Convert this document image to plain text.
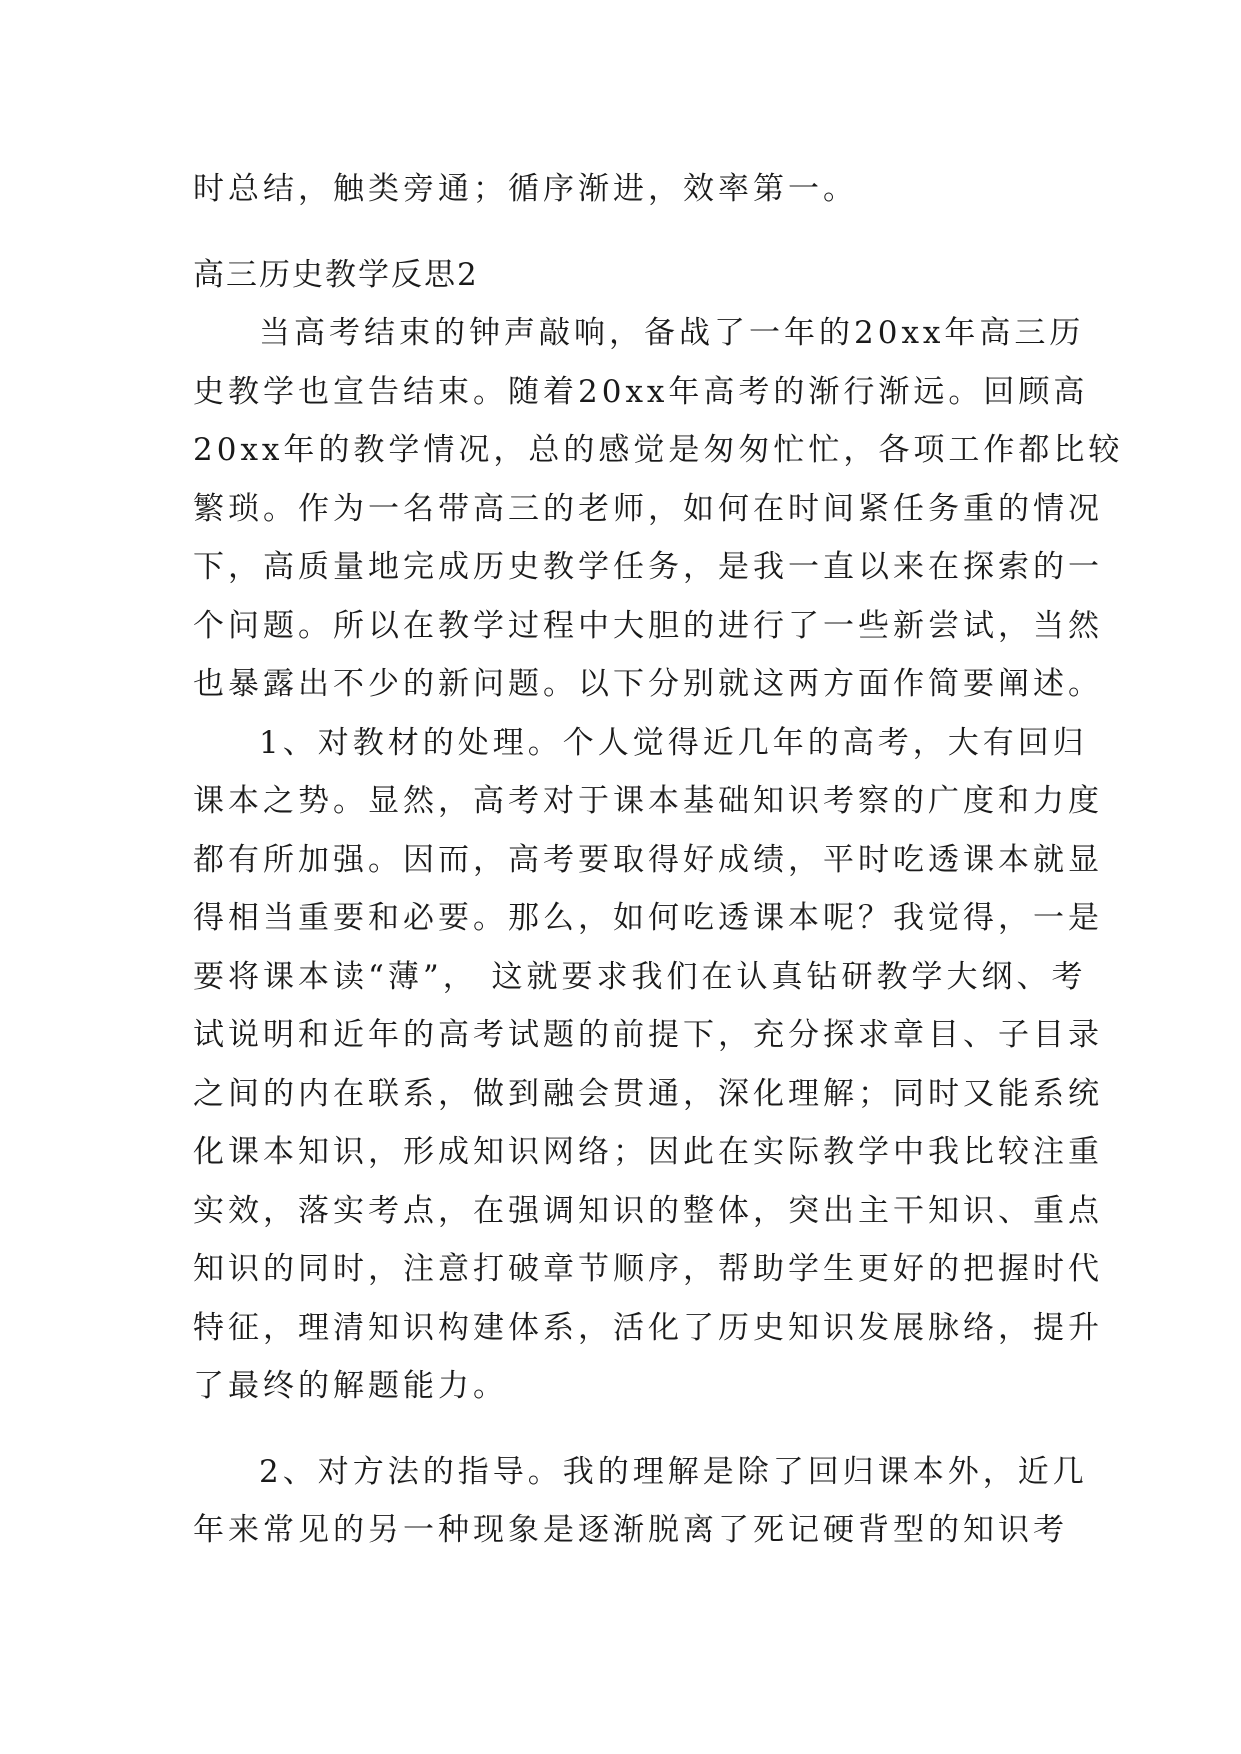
时总结，触类旁通；循序渐进，效率第一。
高三历史教学反思2
当高考结束的钟声敲响，备战了一年的20xx年高三历
史教学也宣告结束。随着20xx年高考的渐行渐远。回顾高
20xx年的教学情况，总的感觉是匆匆忙忙，各项工作都比较
繁琐。作为一名带高三的老师，如何在时间紧任务重的情况
下，高质量地完成历史教学任务，是我一直以来在探索的一
个问题。所以在教学过程中大胆的进行了一些新尝试，当然
也暴露出不少的新问题。以下分别就这两方面作简要阐述。
1、对教材的处理。个人觉得近几年的高考，大有回归
课本之势。显然，高考对于课本基础知识考察的广度和力度
都有所加强。因而，高考要取得好成绩，平时吃透课本就显
得相当重要和必要。那么，如何吃透课本呢？我觉得，一是
要将课本读“薄”， 这就要求我们在认真钻研教学大纲、考
试说明和近年的高考试题的前提下，充分探求章目、子目录
之间的内在联系，做到融会贯通，深化理解；同时又能系统
化课本知识，形成知识网络；因此在实际教学中我比较注重
实效，落实考点，在强调知识的整体，突出主干知识、重点
知识的同时，注意打破章节顺序，帮助学生更好的把握时代
特征，理清知识构建体系，活化了历史知识发展脉络，提升
了最终的解题能力。
2、对方法的指导。我的理解是除了回归课本外，近几
年来常见的另一种现象是逐渐脱离了死记硬背型的知识考
